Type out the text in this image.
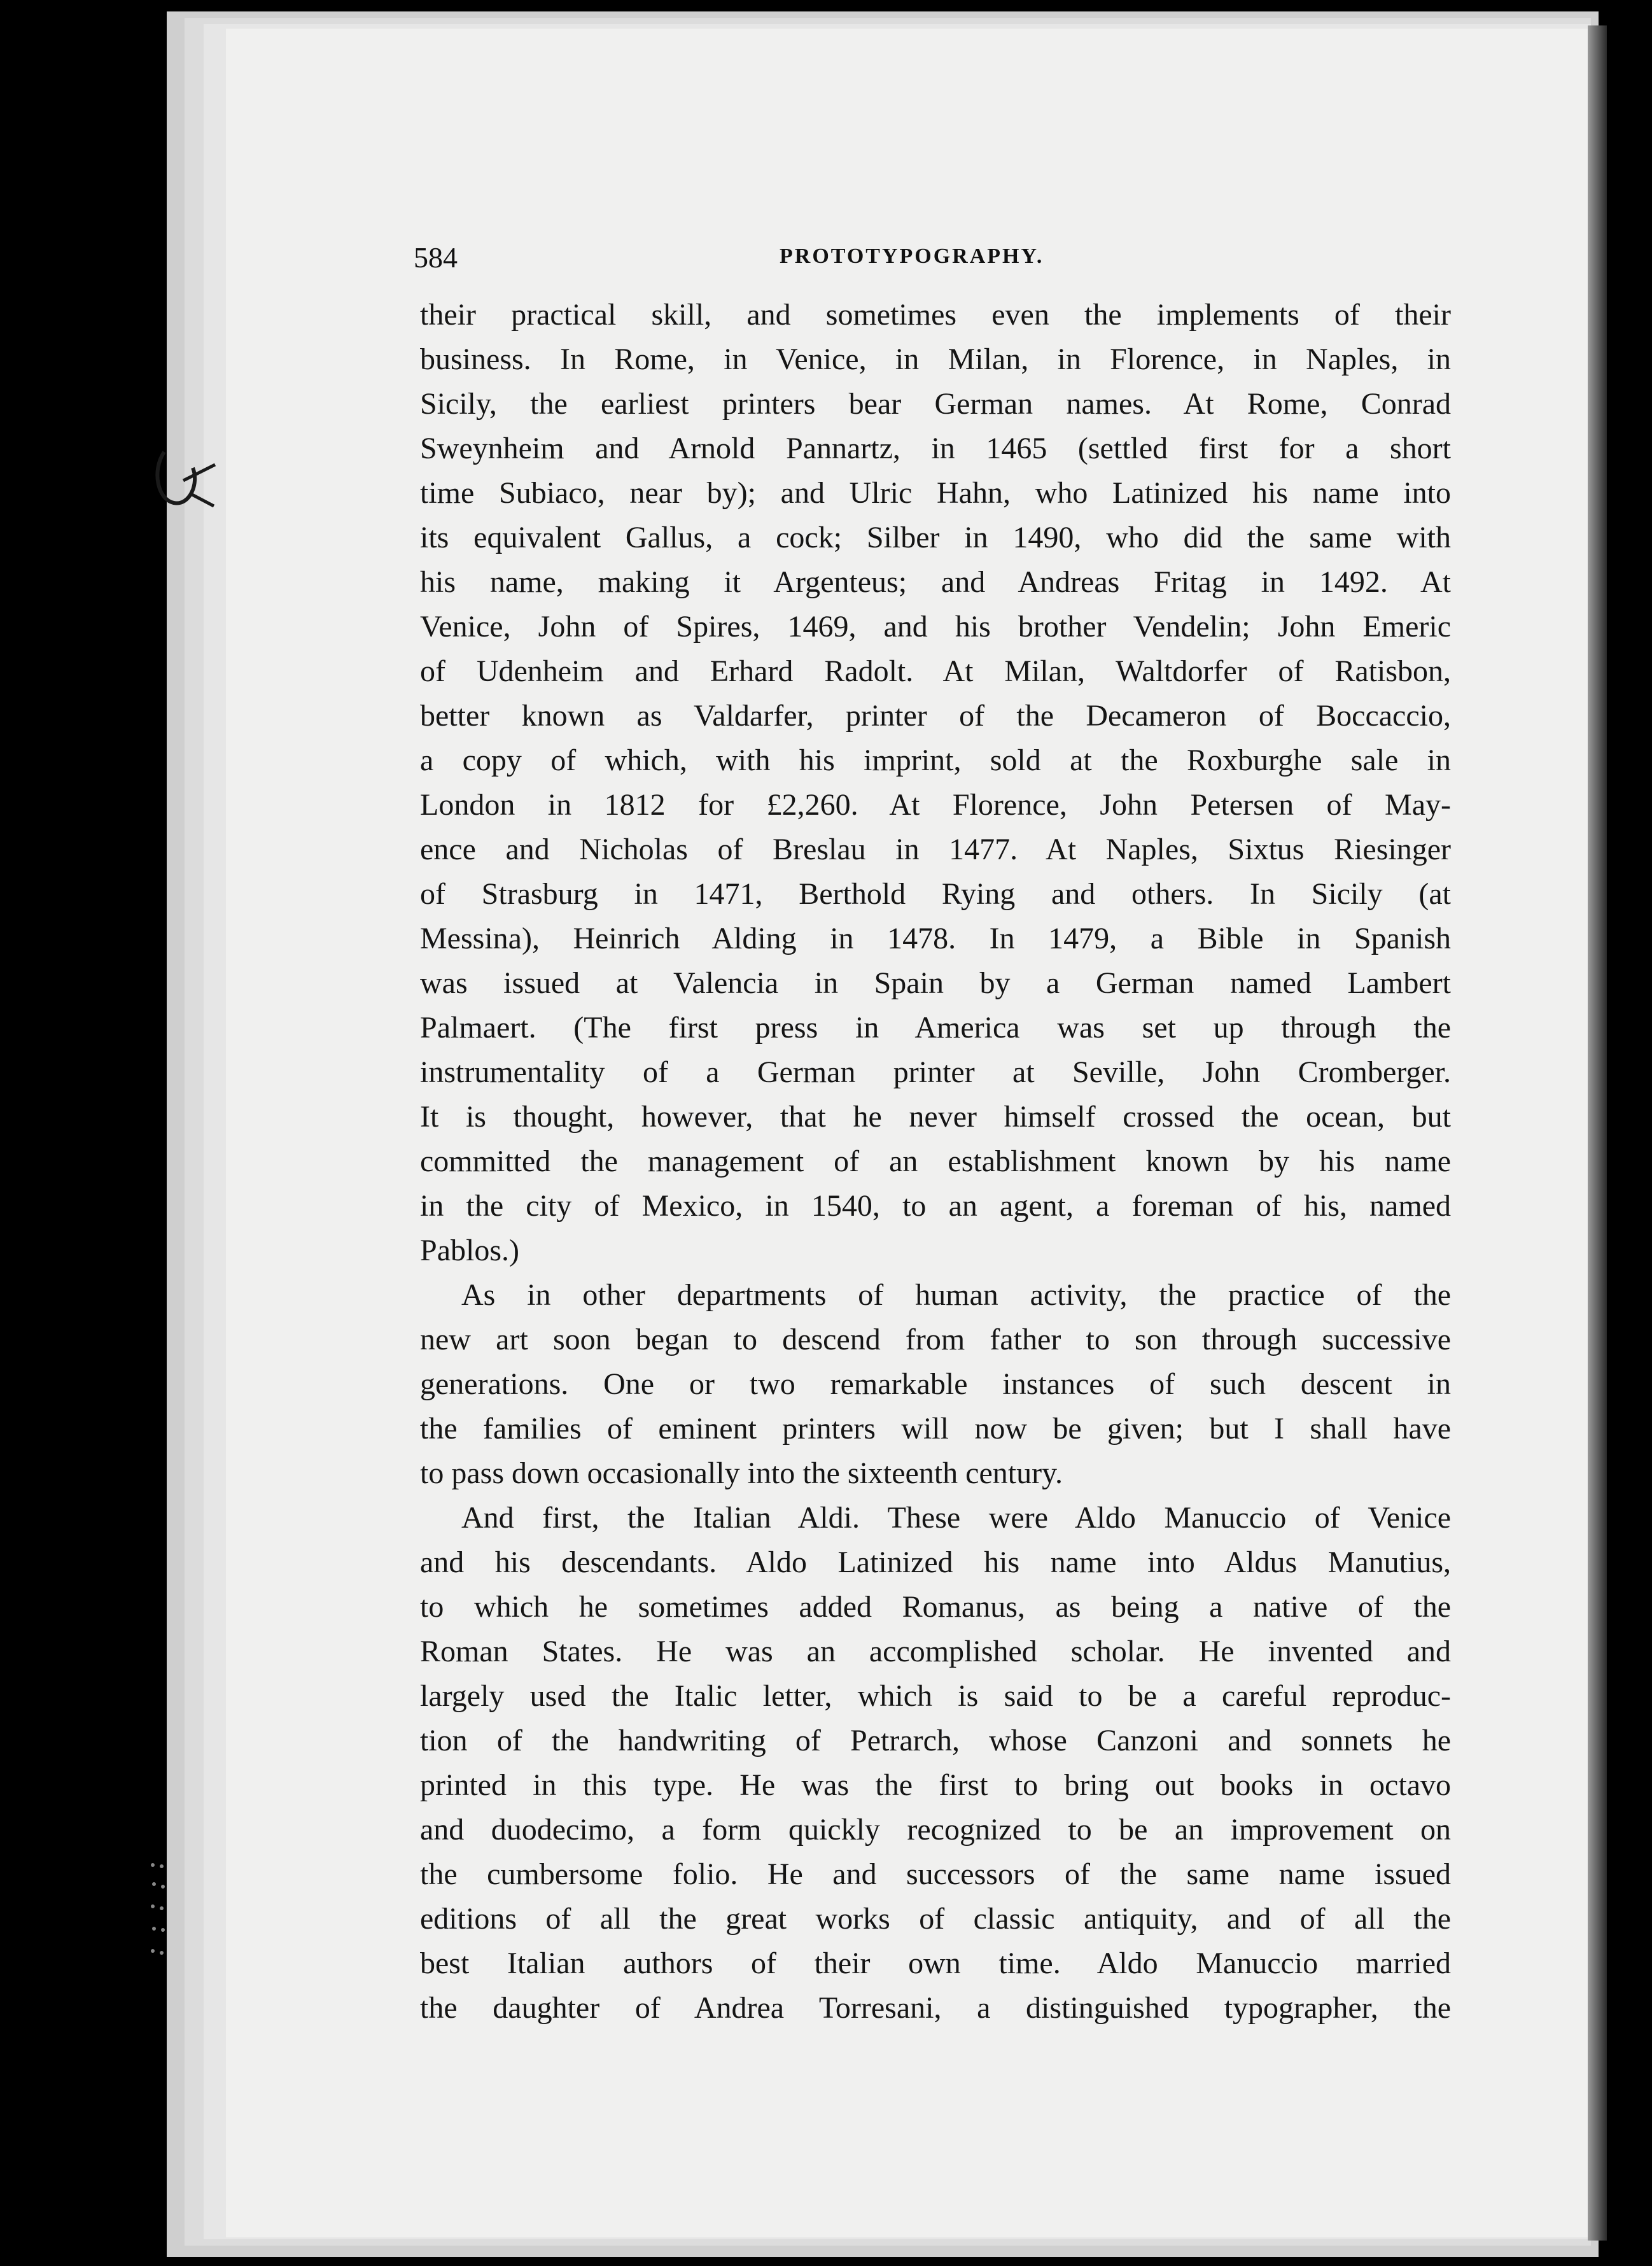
584	PROTOTYPOGRAPHY.
their practical skill, and sometimes even the implements of their
business. In Rome, in Venice, in Milan, in Florence, in Naples, in
Sicily, the earliest printers bear German names. At Rome, Conrad
Sweynheim and Arnold Pannartz, in 1465 (settled first for a short
time Subiaco, near by); and Ulric Hahn, who Latinized his name into
its equivalent Gallus, a cock; Silber in 1490, who did the same with
his name, making it Argenteus; and Andreas Fritag in 1492. At
Venice, John of Spires, 1469, and his brother Vendelin; John Emeric
of Udenheim and Erhard Radolt. At Milan, Waltdorfer of Ratisbon,
better known as Valdarfer, printer of the Decameron of Boccaccio,
a copy of which, with his imprint, sold at the Roxburghe sale in
London in 1812 for £2,260. At Florence, John Petersen of May-
ence and Nicholas of Breslau in 1477. At Naples, Sixtus Riesinger
of Strasburg in 1471, Berthold Rying and others. In Sicily (at
Messina), Heinrich Alding in 1478. In 1479, a Bible in Spanish
was issued at Valencia in Spain by a German named Lambert
Palmaert. (The first press in America was set up through the
instrumentality of a German printer at Seville, John Cromberger.
It is thought, however, that he never himself crossed the ocean, but
committed the management of an establishment known by his name
in the city of Mexico, in 1540, to an agent, a foreman of his, named
Pablos.)
As in other departments of human activity, the practice of the
new art soon began to descend from father to son through successive
generations. One or two remarkable instances of such descent in
the families of eminent printers will now be given; but I shall have
to pass down occasionally into the sixteenth century.
And first, the Italian Aldi. These were Aldo Manuccio of Venice
and his descendants. Aldo Latinized his name into Aldus Manutius,
to which he sometimes added Romanus, as being a native of the
Roman States. He was an accomplished scholar. He invented and
largely used the Italic letter, which is said to be a careful reproduc-
tion of the handwriting of Petrarch, whose Canzoni and sonnets he
printed in this type. He was the first to bring out books in octavo
and duodecimo, a form quickly recognized to be an improvement on
the cumbersome folio. He and successors of the same name issued
editions of all the great works of classic antiquity, and of all the
best Italian authors of their own time. Aldo Manuccio married
the daughter of Andrea Torresani, a distinguished typographer, the
